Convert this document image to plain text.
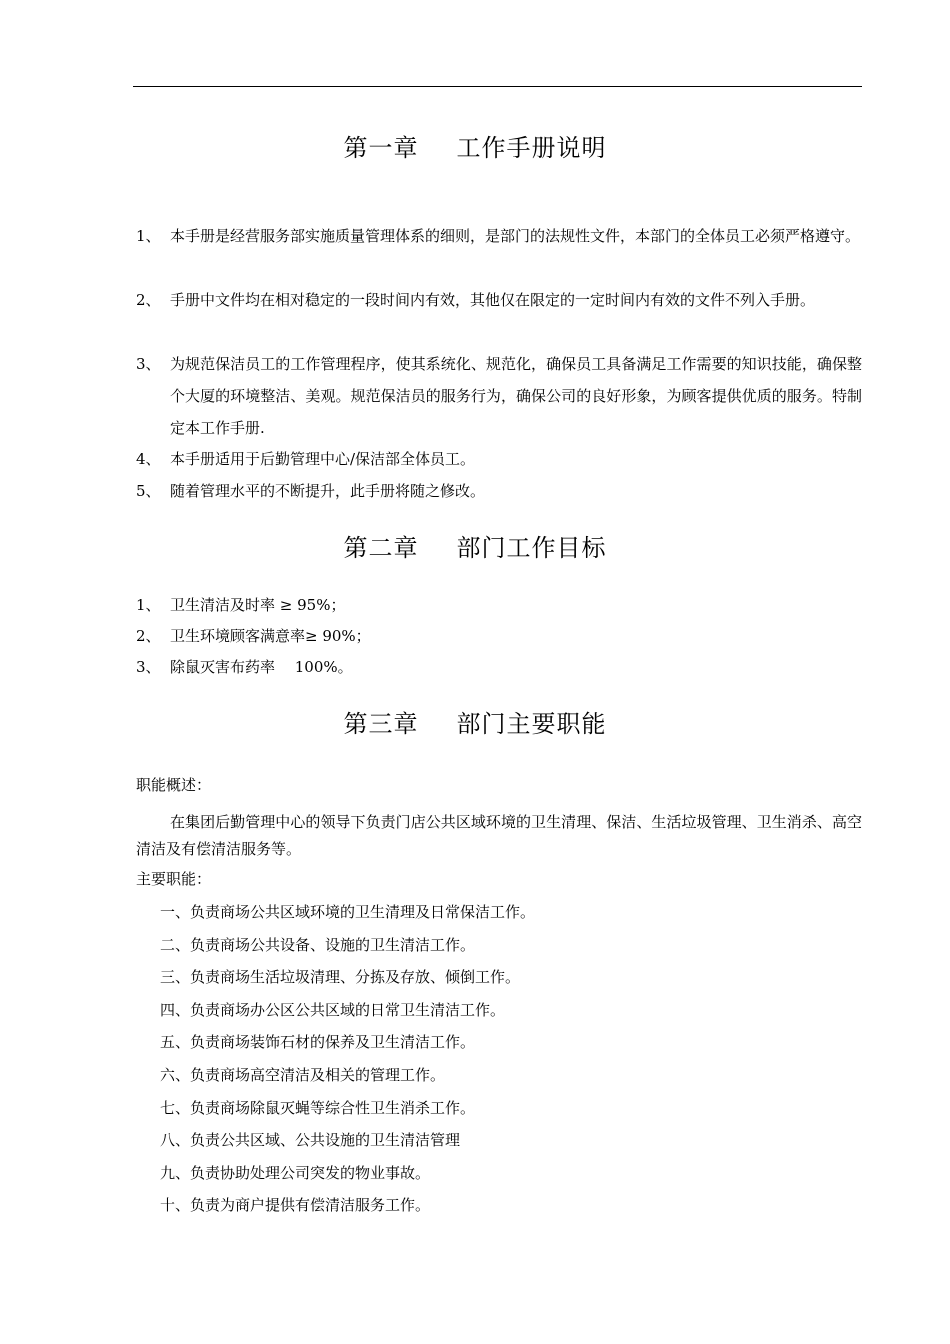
第一章 工作手册说明
1、 本手册是经营服务部实施质量管理体系的细则，是部门的法规性文件，本部门的全体员工必须严格遵守。
2、 手册中文件均在相对稳定的一段时间内有效，其他仅在限定的一定时间内有效的文件不列入手册。
3、 为规范保洁员工的工作管理程序，使其系统化、规范化，确保员工具备满足工作需要的知识技能，确保整个大厦的环境整洁、美观。规范保洁员的服务行为，确保公司的良好形象，为顾客提供优质的服务。特制定本工作手册.
4、 本手册适用于后勤管理中心/保洁部全体员工。
5、 随着管理水平的不断提升，此手册将随之修改。
第二章 部门工作目标
1、 卫生清洁及时率 ≥ 95%；
2、 卫生环境顾客满意率≥ 90%；
3、 除鼠灭害布药率　 100%。
第三章 部门主要职能
职能概述：
在集团后勤管理中心的领导下负责门店公共区域环境的卫生清理、保洁、生活垃圾管理、卫生消杀、高空清洁及有偿清洁服务等。
主要职能：
一、负责商场公共区域环境的卫生清理及日常保洁工作。
二、负责商场公共设备、设施的卫生清洁工作。
三、负责商场生活垃圾清理、分拣及存放、倾倒工作。
四、负责商场办公区公共区域的日常卫生清洁工作。
五、负责商场装饰石材的保养及卫生清洁工作。
六、负责商场高空清洁及相关的管理工作。
七、负责商场除鼠灭蝇等综合性卫生消杀工作。
八、负责公共区域、公共设施的卫生清洁管理
九、负责协助处理公司突发的物业事故。
十、负责为商户提供有偿清洁服务工作。
